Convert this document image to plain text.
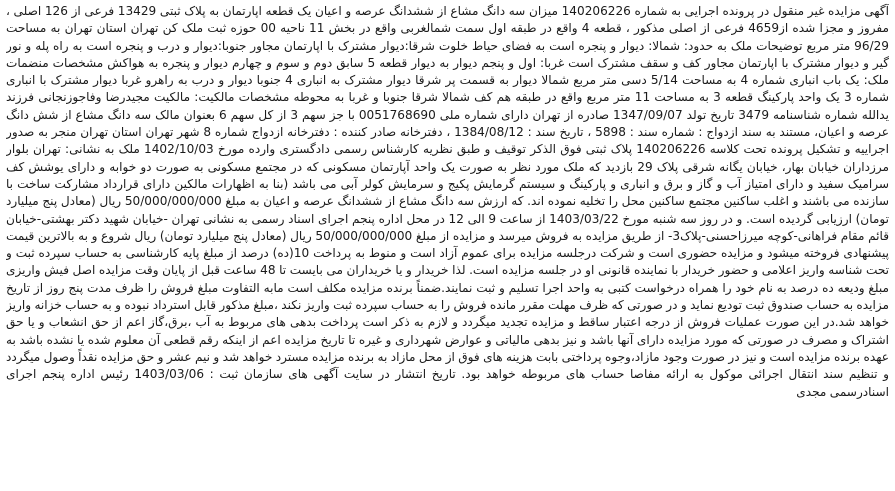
آگهی مزایده غیر منقول در پرونده اجرایی به شماره 140206226 میزان سه دانگ مشاع از ششدانگ عرصه و اعیان یک قطعه اپارتمان به پلاک ثبتی 13429 فرعی از 126 اصلی ، مفروز و مجزا شده از4659 فرعی از اصلی مذکور ، قطعه 4 واقع در طبقه اول سمت شمالغربی واقع در بخش 11 ناحیه 00 حوزه ثبت ملک کن تهران استان تهران به مساحت 96/29 متر مربع توضیحات ملک به حدود: شمالا: دیوار و پنجره است به فضای حیاط خلوت شرقا:دیوار مشترک با اپارتمان مجاور جنوبا:دیوار و درب و پنجره است به راه پله و نور گیر و دیوار مشترک با اپارتمان مجاور کف و سقف مشترک است غربا: اول و پنجم دیوار به دیوار قطعه 5 سابق دوم و سوم و چهارم دیوار و پنجره به هواکش مشخصات منضمات ملک: یک باب انباری شماره 4 به مساحت 5/14 دسی متر مربع شمالا دیوار به قسمت پر شرقا دیوار مشترک به انباری 4 جنوبا دیوار و درب به راهرو غربا دیوار مشترک با انباری شماره 3 یک واحد پارکینگ قطعه 3 به مساحت 11 متر مربع واقع در طبقه هم کف شمالا شرقا جنوبا و غربا به محوطه مشخصات مالکیت: مالکیت مجیدرضا وفاجوزنجانی فرزند یدالله شماره شناسنامه 3479 تاریخ تولد 1347/09/07 صادره از تهران دارای شماره ملی 0051768690 با جز سهم 3 از کل سهم 6 بعنوان مالک سه دانگ مشاع از شش دانگ عرصه و اعیان، مستند به سند ازدواج : شماره سند : 5898 ، تاریخ سند : 1384/08/12 ، دفترخانه صادر کننده : دفترخانه ازدواج شماره 8 شهر تهران استان تهران منجر به صدور اجراییه و تشکیل پرونده تحت کلاسه 140206226 پلاک ثبتی فوق الذکر توقیف و طبق نظریه کارشناس رسمی دادگستری وارده مورخ 1402/10/03 ملک به نشانی: تهران بلوار مرزداران خیابان بهار، خیابان یگانه شرقی پلاک 29 بازدید که ملک مورد نظر به صورت یک واحد آپارتمان مسکونی که در مجتمع مسکونی به صورت دو خوابه و دارای یوشش کف سرامیک سفید و دارای امتیاز آب و گاز و برق و انباری و پارکینگ و سیستم گرمایش پکیج و سرمایش کولر آبی می باشد (بنا به اظهارات مالکین دارای قرارداد مشارکت ساخت با سازنده می باشند و اغلب ساکنین مجتمع ساکنین محل را تخلیه نموده اند. که ارزش سه دانگ مشاع از ششدانگ عرصه و اعیان به مبلغ 50/000/000/000 ریال (معادل پنج میلیارد تومان) ارزیابی گردیده است. و در روز سه شنبه مورخ 1403/03/22 از ساعت 9 الی 12 در محل اداره پنجم اجرای اسناد رسمی به نشانی تهران -خیابان شهید دکتر بهشتی-خیابان قائم مقام فراهانی-کوچه میرزاحسنی-پلاک3- از طریق مزایده به فروش میرسد و مزایده از مبلغ 50/000/000/000 ریال (معادل پنج میلیارد تومان) ریال شروع و به بالاترین قیمت پیشنهادی فروخته میشود و مزایده حضوری است و شرکت درجلسه مزایده برای عموم آزاد است و منوط به پرداخت 10(ده) درصد از مبلغ پایه کارشناسی به حساب سپرده ثبت و تحت شناسه واریز اعلامی و حضور خریدار با نماینده قانونی او در جلسه مزایده است. لذا خریدار و یا خریداران می بایست تا 48 ساعت قبل از پایان وقت مزایده اصل فیش واریزی مبلغ ودیعه ده درصد به نام خود را همراه درخواست کتبی به واحد اجرا تسلیم و ثبت نمایند.ضمناً برنده مزایده مکلف است مابه التفاوت مبلغ فروش را ظرف مدت پنج روز از تاریخ مزایده به حساب صندوق ثبت تودیع نماید و در صورتی که ظرف مهلت مقرر مانده فروش را به حساب سپرده ثبت واریز نکند ،مبلغ مذکور قابل استرداد نبوده و به حساب خزانه واریز خواهد شد.در این صورت عملیات فروش از درجه اعتبار ساقط و مزایده تجدید میگردد و لازم به ذکر است پرداخت بدهی های مربوط به آب ،برق،گاز اعم از حق انشعاب و یا حق اشتراک و مصرف در صورتی که مورد مزایده دارای آنها باشد و نیز بدهی مالیاتی و عوارض شهرداری و غیره تا تاریخ مزایده اعم از اینکه رقم قطعی آن معلوم شده یا نشده باشد به عهده برنده مزایده است و نیز در صورت وجود مازاد،وجوه پرداختی بابت هزینه های فوق از محل مازاد به برنده مزایده مسترد خواهد شد و نیم عشر و حق مزایده نقداً وصول میگردد و تنظیم سند انتقال اجرائی موکول به ارائه مفاصا حساب های مربوطه خواهد بود. تاریخ انتشار در سایت آگهی های سازمان ثبت : 1403/03/06 رئیس اداره پنجم اجرای اسنادرسمی مجدی
